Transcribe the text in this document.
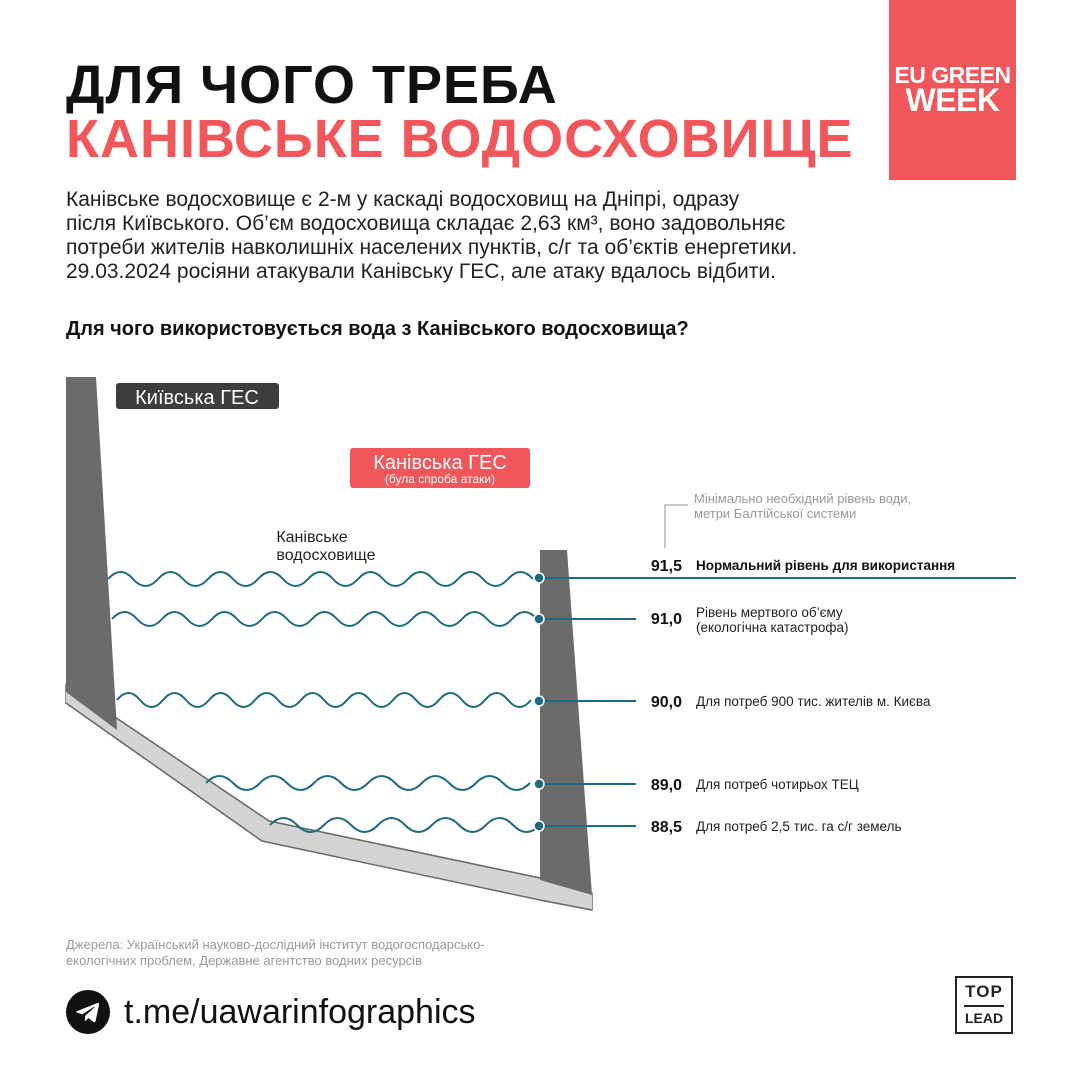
ДЛЯ ЧОГО ТРЕБА
КАНІВСЬКЕ ВОДОСХОВИЩЕ
EU GREEN
WEEK
Канівське водосховище є 2-м у каскаді водосховищ на Дніпрі, одразу
після Київського. Об’єм водосховища складає 2,63 км³, воно задовольняє
потреби жителів навколишніх населених пунктів, с/г та об’єктів енергетики.
29.03.2024 росіяни атакували Канівську ГЕС, але атаку вдалось відбити.
Для чого використовується вода з Канівського водосховища?
Мінімально необхідний рівень води,
метри Балтійської системи
91,5 Нормальний рівень для використання
91,0 Рівень мертвого об’єму
(екологічна катастрофа)
90,0 Для потреб 900 тис. жителів м. Києва
89,0 Для потреб чотирьох ТЕЦ
88,5 Для потреб 2,5 тис. га с/г земель
Київська ГЕС
Канівська ГЕС
(була спроба атаки)
Канівське
водосховище
Джерела: Український науково-дослідний інститут водогосподарсько-
екологічних проблем, Державне агентство водних ресурсів
t.me/uawarinfographics
TOP
LEAD
